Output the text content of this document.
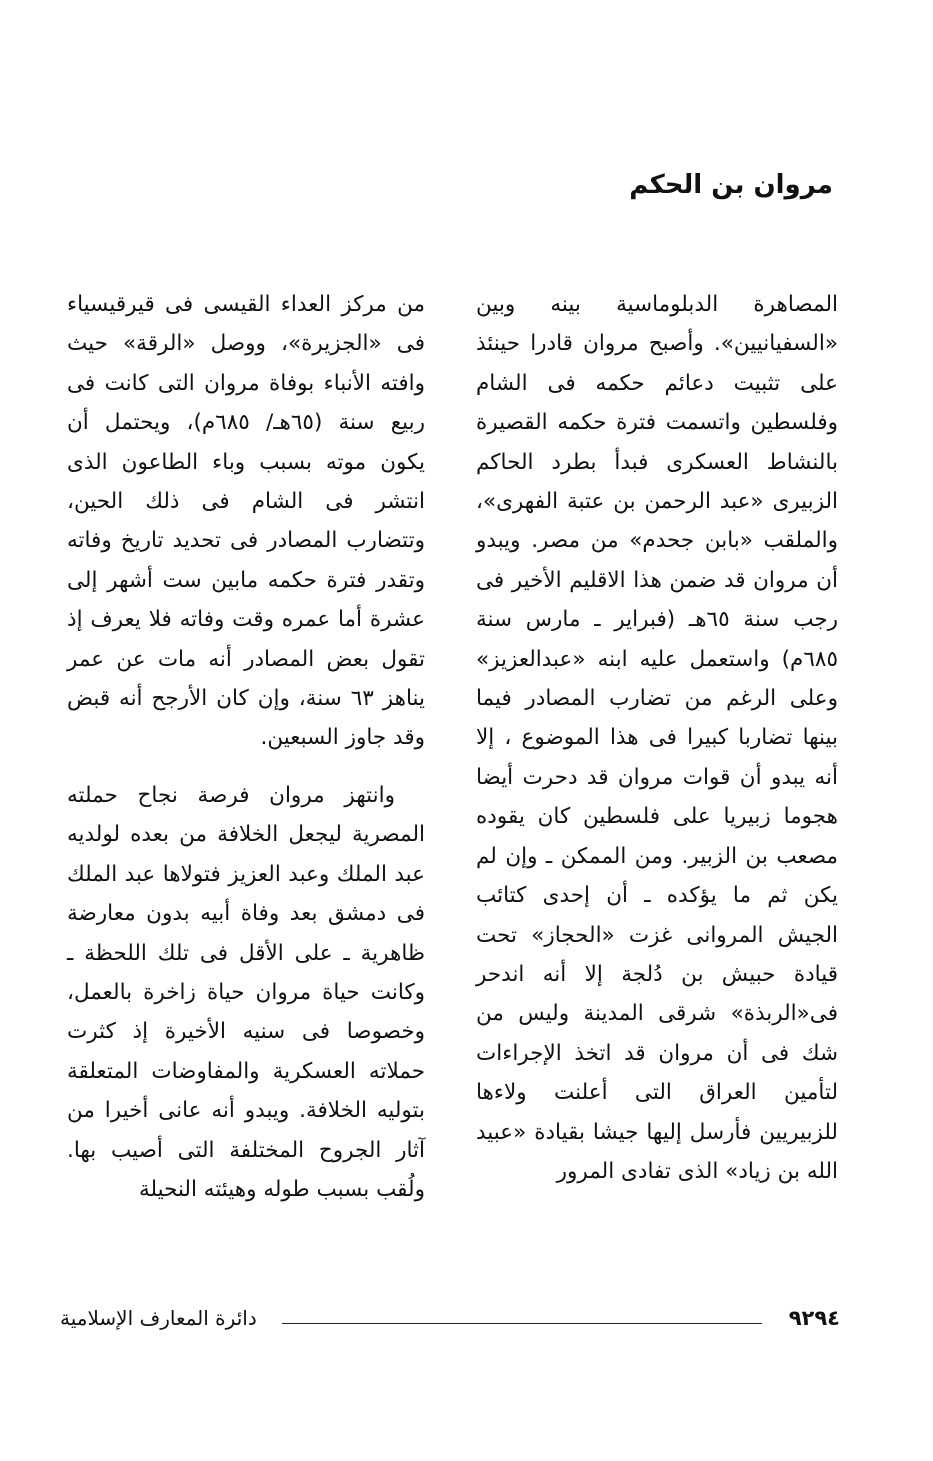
مروان بن الحكم

المصاهرة الدبلوماسية بينه وبين «السفيانيين». وأصبح مروان قادرا حينئذ على تثبيت دعائم حكمه فى الشام وفلسطين واتسمت فترة حكمه القصيرة بالنشاط العسكرى فبدأ بطرد الحاكم الزبيرى «عبد الرحمن بن عتبة الفهرى»، والملقب «بابن جحدم» من مصر. ويبدو أن مروان قد ضمن هذا الاقليم الأخير فى رجب سنة ٦٥هـ (فبراير ـ مارس سنة ٦٨٥م) واستعمل عليه ابنه «عبدالعزيز» وعلى الرغم من تضارب المصادر فيما بينها تضاربا كبيرا فى هذا الموضوع ، إلا أنه يبدو أن قوات مروان قد دحرت أيضا هجوما زبيريا على فلسطين كان يقوده مصعب بن الزبير. ومن الممكن ـ وإن لم يكن ثم ما يؤكده ـ أن إحدى كتائب الجيش المروانى غزت «الحجاز» تحت قيادة حبيش بن دُلجة إلا أنه اندحر فى«الربذة» شرقى المدينة وليس من شك فى أن مروان قد اتخذ الإجراءات لتأمين العراق التى أعلنت ولاءها للزبيريين فأرسل إليها جيشا بقيادة «عبيد الله بن زياد» الذى تفادى المرور

من مركز العداء القيسى فى قيرقيسياء فى «الجزيرة»، ووصل «الرقة» حيث وافته الأنباء بوفاة مروان التى كانت فى ربيع سنة (٦٥هـ/ ٦٨٥م)، ويحتمل أن يكون موته بسبب وباء الطاعون الذى انتشر فى الشام فى ذلك الحين، وتتضارب المصادر فى تحديد تاريخ وفاته وتقدر فترة حكمه مابين ست أشهر إلى عشرة أما عمره وقت وفاته فلا يعرف إذ تقول بعض المصادر أنه مات عن عمر يناهز ٦٣ سنة، وإن كان الأرجح أنه قبض وقد جاوز السبعين.

وانتهز مروان فرصة نجاح حملته المصرية ليجعل الخلافة من بعده لولديه عبد الملك وعبد العزيز فتولاها عبد الملك فى دمشق بعد وفاة أبيه بدون معارضة ظاهرية ـ على الأقل فى تلك اللحظة ـ وكانت حياة مروان حياة زاخرة بالعمل، وخصوصا فى سنيه الأخيرة إذ كثرت حملاته العسكرية والمفاوضات المتعلقة بتوليه الخلافة. ويبدو أنه عانى أخيرا من آثار الجروح المختلفة التى أصيب بها. ولُقب بسبب طوله وهيئته النحيلة

٩٢٩٤
دائرة المعارف الإسلامية
